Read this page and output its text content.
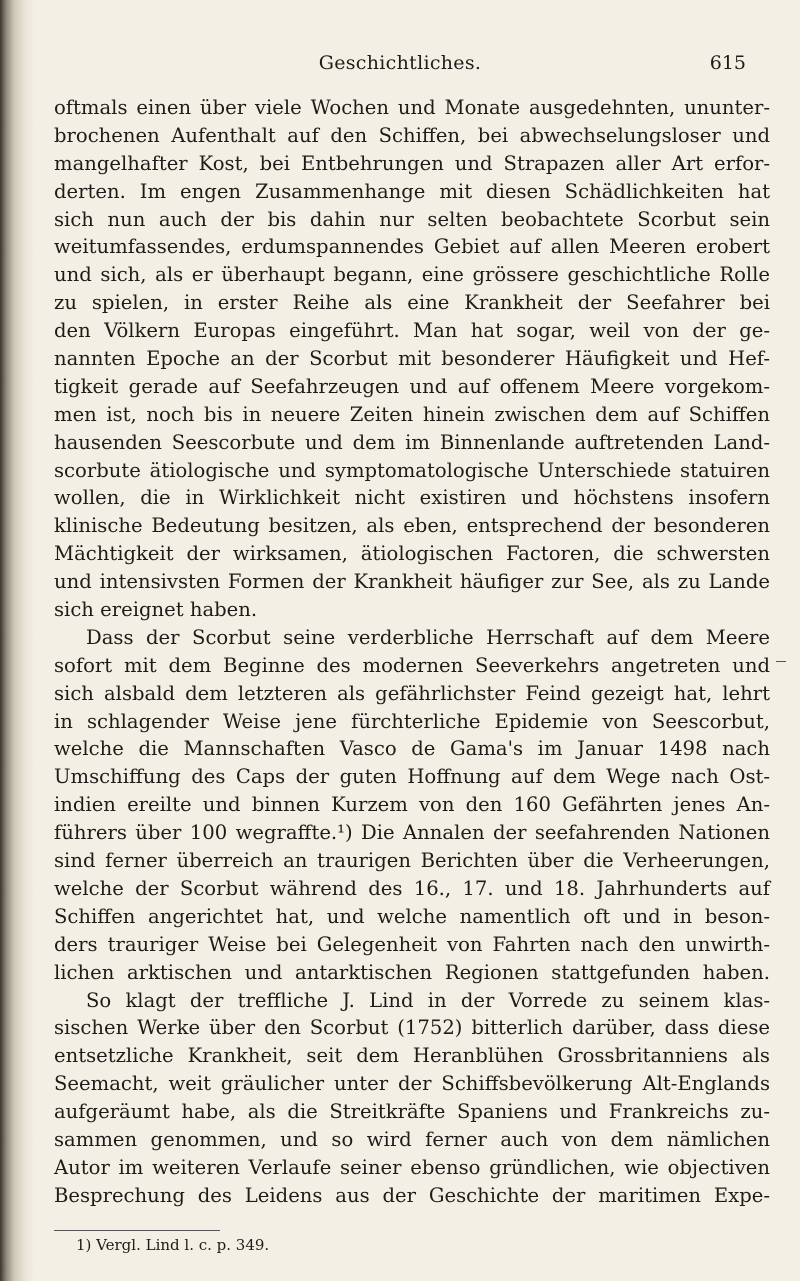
Geschichtliches.	615
oftmals einen über viele Wochen und Monate ausgedehnten, ununter-
brochenen Aufenthalt auf den Schiffen, bei abwechselungsloser und
mangelhafter Kost, bei Entbehrungen und Strapazen aller Art erfor-
derten. Im engen Zusammenhange mit diesen Schädlichkeiten hat
sich nun auch der bis dahin nur selten beobachtete Scorbut sein
weitumfassendes, erdumspannendes Gebiet auf allen Meeren erobert
und sich, als er überhaupt begann, eine grössere geschichtliche Rolle
zu spielen, in erster Reihe als eine Krankheit der Seefahrer bei
den Völkern Europas eingeführt. Man hat sogar, weil von der ge-
nannten Epoche an der Scorbut mit besonderer Häufigkeit und Hef-
tigkeit gerade auf Seefahrzeugen und auf offenem Meere vorgekom-
men ist, noch bis in neuere Zeiten hinein zwischen dem auf Schiffen
hausenden Seescorbute und dem im Binnenlande auftretenden Land-
scorbute ätiologische und symptomatologische Unterschiede statuiren
wollen, die in Wirklichkeit nicht existiren und höchstens insofern
klinische Bedeutung besitzen, als eben, entsprechend der besonderen
Mächtigkeit der wirksamen, ätiologischen Factoren, die schwersten
und intensivsten Formen der Krankheit häufiger zur See, als zu Lande
sich ereignet haben.
Dass der Scorbut seine verderbliche Herrschaft auf dem Meere
sofort mit dem Beginne des modernen Seeverkehrs angetreten und
sich alsbald dem letzteren als gefährlichster Feind gezeigt hat, lehrt
in schlagender Weise jene fürchterliche Epidemie von Seescorbut,
welche die Mannschaften Vasco de Gama's im Januar 1498 nach
Umschiffung des Caps der guten Hoffnung auf dem Wege nach Ost-
indien ereilte und binnen Kurzem von den 160 Gefährten jenes An-
führers über 100 wegraffte.¹) Die Annalen der seefahrenden Nationen
sind ferner überreich an traurigen Berichten über die Verheerungen,
welche der Scorbut während des 16., 17. und 18. Jahrhunderts auf
Schiffen angerichtet hat, und welche namentlich oft und in beson-
ders trauriger Weise bei Gelegenheit von Fahrten nach den unwirth-
lichen arktischen und antarktischen Regionen stattgefunden haben.
So klagt der treffliche J. Lind in der Vorrede zu seinem klas-
sischen Werke über den Scorbut (1752) bitterlich darüber, dass diese
entsetzliche Krankheit, seit dem Heranblühen Grossbritanniens als
Seemacht, weit gräulicher unter der Schiffsbevölkerung Alt-Englands
aufgeräumt habe, als die Streitkräfte Spaniens und Frankreichs zu-
sammen genommen, und so wird ferner auch von dem nämlichen
Autor im weiteren Verlaufe seiner ebenso gründlichen, wie objectiven
Besprechung des Leidens aus der Geschichte der maritimen Expe-
1) Vergl. Lind l. c. p. 349.
